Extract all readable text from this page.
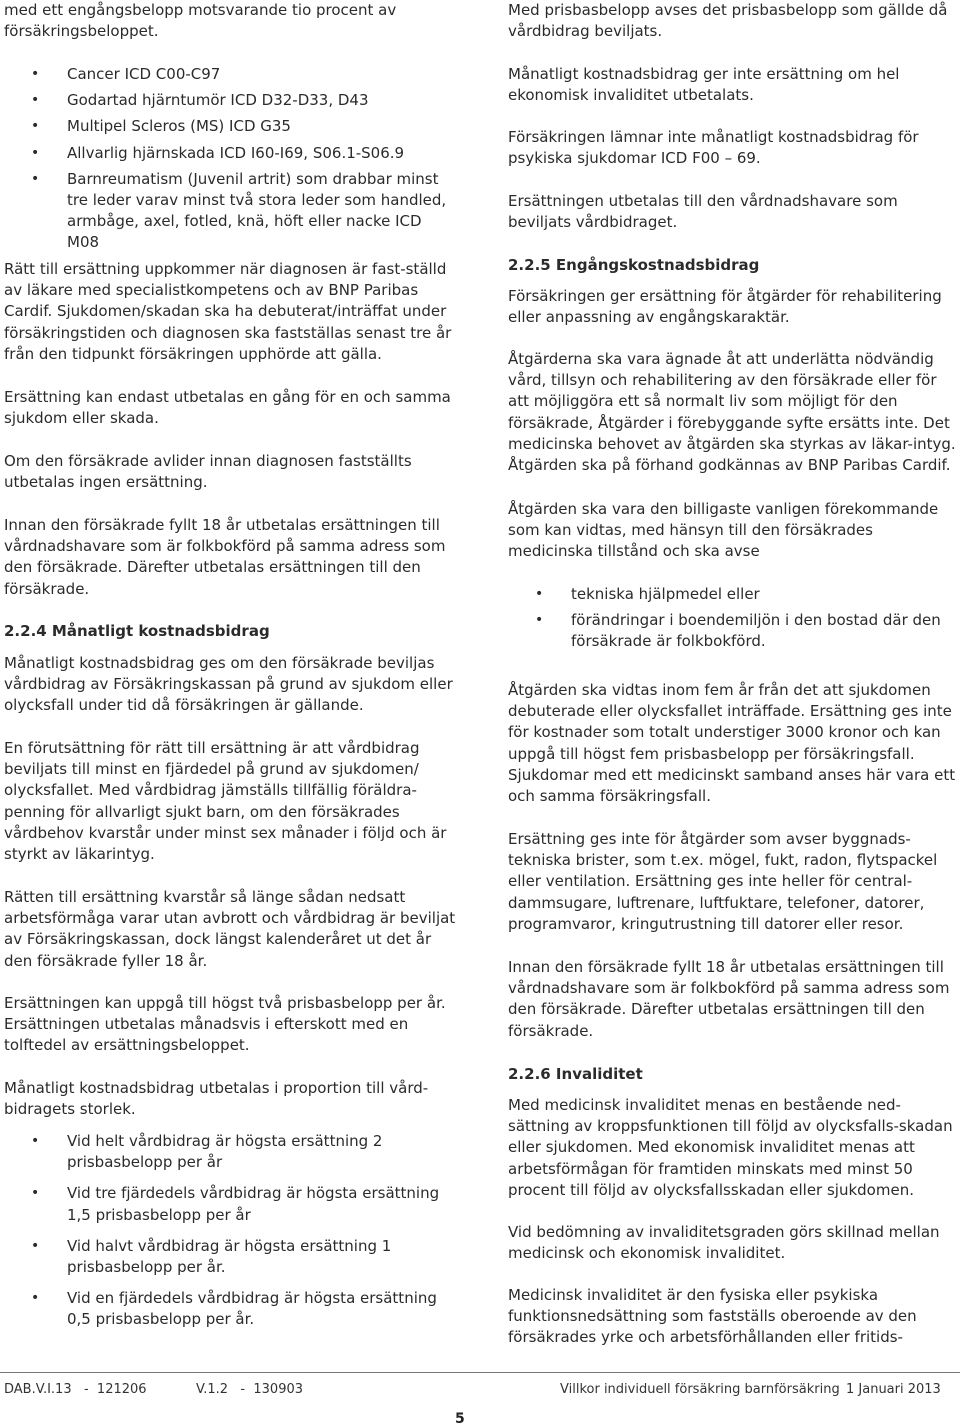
med ett engångsbelopp motsvarande tio procent av försäkringsbeloppet.

• Cancer ICD C00-C97
• Godartad hjärntumör ICD D32-D33, D43
• Multipel Scleros (MS) ICD G35
• Allvarlig hjärnskada ICD I60-I69, S06.1-S06.9
• Barnreumatism (Juvenil artrit) som drabbar minst tre leder varav minst två stora leder som handled, armbåge, axel, fotled, knä, höft eller nacke ICD M08

Rätt till ersättning uppkommer när diagnosen är fast-ställd av läkare med specialistkompetens och av BNP Paribas Cardif. Sjukdomen/skadan ska ha debuterat/inträffat under försäkringstiden och diagnosen ska fastställas senast tre år från den tidpunkt försäkringen upphörde att gälla.

Ersättning kan endast utbetalas en gång för en och samma sjukdom eller skada.

Om den försäkrade avlider innan diagnosen fastställts utbetalas ingen ersättning.

Innan den försäkrade fyllt 18 år utbetalas ersättningen till vårdnadshavare som är folkbokförd på samma adress som den försäkrade. Därefter utbetalas ersättningen till den försäkrade.

2.2.4 Månatligt kostnadsbidrag

Månatligt kostnadsbidrag ges om den försäkrade beviljas vårdbidrag av Försäkringskassan på grund av sjukdom eller olycksfall under tid då försäkringen är gällande.

En förutsättning för rätt till ersättning är att vårdbidrag beviljats till minst en fjärdedel på grund av sjukdomen/ olycksfallet. Med vårdbidrag jämställs tillfällig föräldra-penning för allvarligt sjukt barn, om den försäkrades vårdbehov kvarstår under minst sex månader i följd och är styrkt av läkarintyg.

Rätten till ersättning kvarstår så länge sådan nedsatt arbetsförmåga varar utan avbrott och vårdbidrag är beviljat av Försäkringskassan, dock längst kalenderåret ut det år den försäkrade fyller 18 år.

Ersättningen kan uppgå till högst två prisbasbelopp per år. Ersättningen utbetalas månadsvis i efterskott med en tolftedel av ersättningsbeloppet.

Månatligt kostnadsbidrag utbetalas i proportion till vård-bidragets storlek.

• Vid helt vårdbidrag är högsta ersättning 2 prisbasbelopp per år
• Vid tre fjärdedels vårdbidrag är högsta ersättning 1,5 prisbasbelopp per år
• Vid halvt vårdbidrag är högsta ersättning 1 prisbasbelopp per år.
• Vid en fjärdedels vårdbidrag är högsta ersättning 0,5 prisbasbelopp per år.

Med prisbasbelopp avses det prisbasbelopp som gällde då vårdbidrag beviljats.

Månatligt kostnadsbidrag ger inte ersättning om hel ekonomisk invaliditet utbetalats.

Försäkringen lämnar inte månatligt kostnadsbidrag för psykiska sjukdomar ICD F00 – 69.

Ersättningen utbetalas till den vårdnadshavare som beviljats vårdbidraget.

2.2.5 Engångskostnadsbidrag

Försäkringen ger ersättning för åtgärder för rehabilitering eller anpassning av engångskaraktär.

Åtgärderna ska vara ägnade åt att underlätta nödvändig vård, tillsyn och rehabilitering av den försäkrade eller för att möjliggöra ett så normalt liv som möjligt för den försäkrade, Åtgärder i förebyggande syfte ersätts inte. Det medicinska behovet av åtgärden ska styrkas av läkar-intyg. Åtgärden ska på förhand godkännas av BNP Paribas Cardif.

Åtgärden ska vara den billigaste vanligen förekommande som kan vidtas, med hänsyn till den försäkrades medicinska tillstånd och ska avse

• tekniska hjälpmedel eller
• förändringar i boendemiljön i den bostad där den försäkrade är folkbokförd.

Åtgärden ska vidtas inom fem år från det att sjukdomen debuterade eller olycksfallet inträffade. Ersättning ges inte för kostnader som totalt understiger 3000 kronor och kan uppgå till högst fem prisbasbelopp per försäkringsfall. Sjukdomar med ett medicinskt samband anses här vara ett och samma försäkringsfall.

Ersättning ges inte för åtgärder som avser byggnads-tekniska brister, som t.ex. mögel, fukt, radon, flytspackel eller ventilation. Ersättning ges inte heller för central-dammsugare, luftrenare, luftfuktare, telefoner, datorer, programvaror, kringutrustning till datorer eller resor.

Innan den försäkrade fyllt 18 år utbetalas ersättningen till vårdnadshavare som är folkbokförd på samma adress som den försäkrade. Därefter utbetalas ersättningen till den försäkrade.

2.2.6 Invaliditet

Med medicinsk invaliditet menas en bestående ned-sättning av kroppsfunktionen till följd av olycksfalls-skadan eller sjukdomen. Med ekonomisk invaliditet menas att arbetsförmågan för framtiden minskats med minst 50 procent till följd av olycksfallsskadan eller sjukdomen.

Vid bedömning av invaliditetsgraden görs skillnad mellan medicinsk och ekonomisk invaliditet.

Medicinsk invaliditet är den fysiska eller psykiska funktionsnedsättning som fastställs oberoende av den försäkrades yrke och arbetsförhållanden eller fritids-

DAB.V.I.13   -  121206	V.1.2   -  130903	Villkor individuell försäkring barnförsäkring 1 Januari 2013
5
